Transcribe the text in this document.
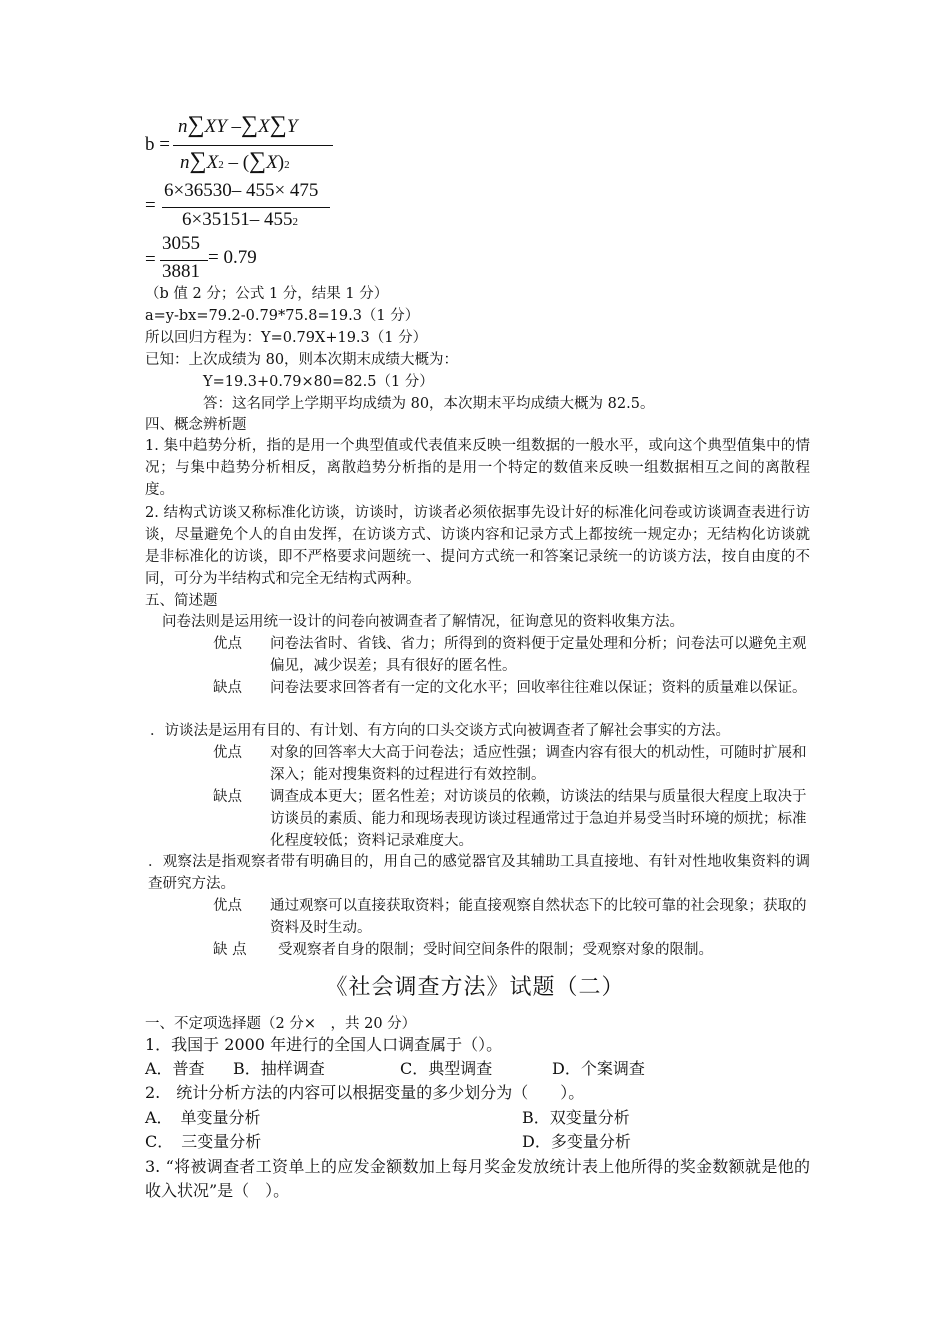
b =
n∑XY –∑X∑Y
n∑X2 – (∑X)2
=
6×36530– 455× 475
6×35151– 4552
=
3055
3881
= 0.79
（b 值 2 分；公式 1 分，结果 1 分）
a=y-bx=79.2-0.79*75.8=19.3（1 分）
所以回归方程为：Y=0.79X+19.3（1 分）
已知：上次成绩为 80，则本次期末成绩大概为：
Y=19.3+0.79×80=82.5（1 分）
答：这名同学上学期平均成绩为 80，本次期末平均成绩大概为 82.5。
四、概念辨析题
1. 集中趋势分析，指的是用一个典型值或代表值来反映一组数据的一般水平，或向这个典型值集中的情况；与集中趋势分析相反，离散趋势分析指的是用一个特定的数值来反映一组数据相互之间的离散程度。
2. 结构式访谈又称标准化访谈，访谈时，访谈者必须依据事先设计好的标准化问卷或访谈调查表进行访谈，尽量避免个人的自由发挥，在访谈方式、访谈内容和记录方式上都按统一规定办；无结构化访谈就是非标准化的访谈，即不严格要求问题统一、提问方式统一和答案记录统一的访谈方法，按自由度的不同，可分为半结构式和完全无结构式两种。
五、简述题
问卷法则是运用统一设计的问卷向被调查者了解情况，征询意见的资料收集方法。
优点 问卷法省时、省钱、省力；所得到的资料便于定量处理和分析；问卷法可以避免主观偏见，减少误差；具有很好的匿名性。
缺点 问卷法要求回答者有一定的文化水平；回收率往往难以保证；资料的质量难以保证。
．访谈法是运用有目的、有计划、有方向的口头交谈方式向被调查者了解社会事实的方法。
优点 对象的回答率大大高于问卷法；适应性强；调查内容有很大的机动性，可随时扩展和深入；能对搜集资料的过程进行有效控制。
缺点 调查成本更大；匿名性差；对访谈员的依赖，访谈法的结果与质量很大程度上取决于访谈员的素质、能力和现场表现访谈过程通常过于急迫并易受当时环境的烦扰；标准化程度较低；资料记录难度大。
．观察法是指观察者带有明确目的，用自己的感觉器官及其辅助工具直接地、有针对性地收集资料的调查研究方法。
优点 通过观察可以直接获取资料；能直接观察自然状态下的比较可靠的社会现象；获取的资料及时生动。
缺 点 受观察者自身的限制；受时间空间条件的限制；受观察对象的限制。
《社会调查方法》试题（二）
一、不定项选择题（2 分×　，共 20 分）
1．我国于 2000 年进行的全国人口调查属于（）。
A．普查 B．抽样调查	C．典型调查	D．个案调查
2.　统计分析方法的内容可以根据变量的多少划分为（　　）。
A．　单变量分析	B．双变量分析
C．　三变量分析	D．多变量分析
3. “将被调查者工资单上的应发金额数加上每月奖金发放统计表上他所得的奖金数额就是他的收入状况”是（　）。
